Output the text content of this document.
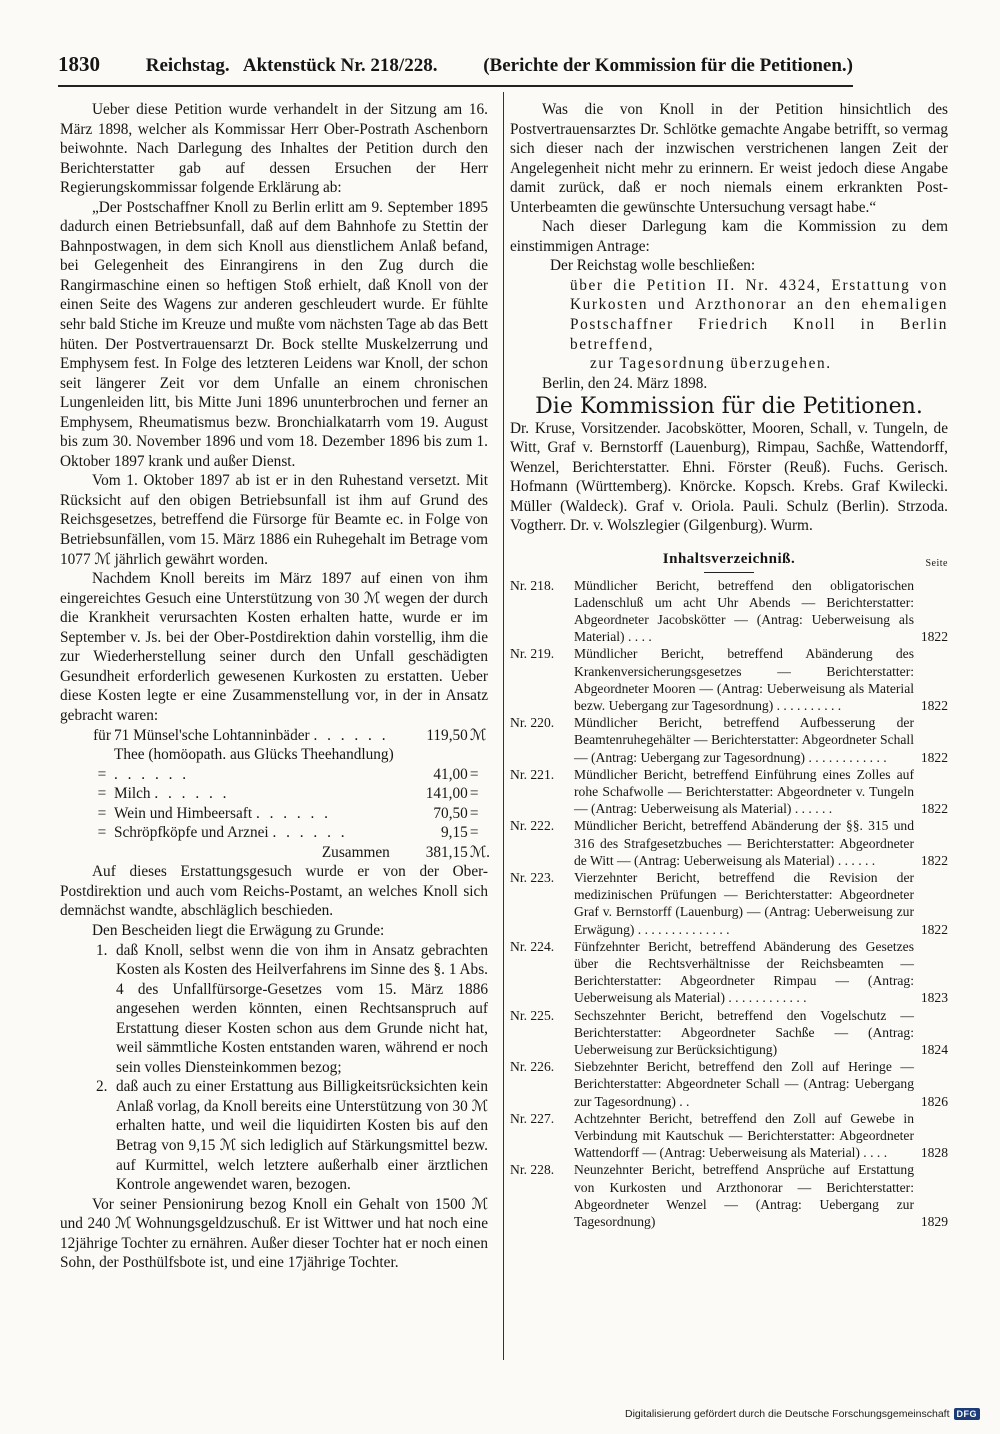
1830 Reichstag.   Aktenstück Nr. 218/228. (Berichte der Kommission für die Petitionen.)

Ueber diese Petition wurde verhandelt in der Sitzung am 16. März 1898, welcher als Kommissar Herr Ober-Postrath Aschenborn beiwohnte. Nach Darlegung des Inhaltes der Petition durch den Berichterstatter gab auf dessen Ersuchen der Herr Regierungskommissar folgende Erklärung ab:

„Der Postschaffner Knoll zu Berlin erlitt am 9. September 1895 dadurch einen Betriebsunfall, daß auf dem Bahnhofe zu Stettin der Bahnpostwagen, in dem sich Knoll aus dienstlichem Anlaß befand, bei Gelegenheit des Einrangirens in den Zug durch die Rangirmaschine einen so heftigen Stoß erhielt, daß Knoll von der einen Seite des Wagens zur anderen geschleudert wurde. Er fühlte sehr bald Stiche im Kreuze und mußte vom nächsten Tage ab das Bett hüten. Der Postvertrauensarzt Dr. Bock stellte Muskelzerrung und Emphysem fest. In Folge des letzteren Leidens war Knoll, der schon seit längerer Zeit vor dem Unfalle an einem chronischen Lungenleiden litt, bis Mitte Juni 1896 ununterbrochen und ferner an Emphysem, Rheumatismus bezw. Bronchialkatarrh vom 19. August bis zum 30. November 1896 und vom 18. Dezember 1896 bis zum 1. Oktober 1897 krank und außer Dienst.

Vom 1. Oktober 1897 ab ist er in den Ruhestand versetzt. Mit Rücksicht auf den obigen Betriebsunfall ist ihm auf Grund des Reichsgesetzes, betreffend die Fürsorge für Beamte ec. in Folge von Betriebsunfällen, vom 15. März 1886 ein Ruhegehalt im Betrage vom 1077 ℳ jährlich gewährt worden.

Nachdem Knoll bereits im März 1897 auf einen von ihm eingereichtes Gesuch eine Unterstützung von 30 ℳ wegen der durch die Krankheit verursachten Kosten erhalten hatte, wurde er im September v. Js. bei der Ober-Postdirektion dahin vorstellig, ihm die zur Wiederherstellung seiner durch den Unfall geschädigten Gesundheit erforderlich gewesenen Kurkosten zu erstatten. Ueber diese Kosten legte er eine Zusammenstellung vor, in der in Ansatz gebracht waren:

für	71 Münsel'sche Lohtanninbäder . . . . . .	119,50	ℳ
=	Thee (homöopath. aus Glücks Theehandlung) . . . . . .	41,00	=
=	Milch . . . . . .	141,00	=
=	Wein und Himbeersaft . . . . . .	70,50	=
=	Schröpfköpfe und Arznei . . . . . .	9,15	=
Zusammen		381,15	ℳ.

Auf dieses Erstattungsgesuch wurde er von der Ober-Postdirektion und auch vom Reichs-Postamt, an welches Knoll sich demnächst wandte, abschläglich beschieden.

Den Bescheiden liegt die Erwägung zu Grunde:

1. daß Knoll, selbst wenn die von ihm in Ansatz gebrachten Kosten als Kosten des Heilverfahrens im Sinne des §. 1 Abs. 4 des Unfallfürsorge-Gesetzes vom 15. März 1886 angesehen werden könnten, einen Rechtsanspruch auf Erstattung dieser Kosten schon aus dem Grunde nicht hat, weil sämmtliche Kosten entstanden waren, während er noch sein volles Diensteinkommen bezog;
2. daß auch zu einer Erstattung aus Billigkeitsrücksichten kein Anlaß vorlag, da Knoll bereits eine Unterstützung von 30 ℳ erhalten hatte, und weil die liquidirten Kosten bis auf den Betrag von 9,15 ℳ sich lediglich auf Stärkungsmittel bezw. auf Kurmittel, welch letztere außerhalb einer ärztlichen Kontrole angewendet waren, bezogen.

Vor seiner Pensionirung bezog Knoll ein Gehalt von 1500 ℳ und 240 ℳ Wohnungsgeldzuschuß. Er ist Wittwer und hat noch eine 12jährige Tochter zu ernähren. Außer dieser Tochter hat er noch einen Sohn, der Posthülfsbote ist, und eine 17jährige Tochter.

Was die von Knoll in der Petition hinsichtlich des Postvertrauensarztes Dr. Schlötke gemachte Angabe betrifft, so vermag sich dieser nach der inzwischen verstrichenen langen Zeit der Angelegenheit nicht mehr zu erinnern. Er weist jedoch diese Angabe damit zurück, daß er noch niemals einem erkrankten Post-Unterbeamten die gewünschte Untersuchung versagt habe.“

Nach dieser Darlegung kam die Kommission zu dem einstimmigen Antrage:

Der Reichstag wolle beschließen:

über die Petition II. Nr. 4324, Erstattung von Kurkosten und Arzthonorar an den ehemaligen Postschaffner Friedrich Knoll in Berlin betreffend,

zur Tagesordnung überzugehen.

Berlin, den 24. März 1898.

Die Kommission für die Petitionen.

Dr. Kruse, Vorsitzender. Jacobskötter, Mooren, Schall, v. Tungeln, de Witt, Graf v. Bernstorff (Lauenburg), Rimpau, Sachße, Wattendorff, Wenzel, Berichterstatter. Ehni. Förster (Reuß). Fuchs. Gerisch. Hofmann (Württemberg). Knörcke. Kopsch. Krebs. Graf Kwilecki. Müller (Waldeck). Graf v. Oriola. Pauli. Schulz (Berlin). Strzoda. Vogtherr. Dr. v. Wolszlegier (Gilgenburg). Wurm.

Inhaltsverzeichniß.	Seite
Nr. 218.	Mündlicher Bericht, betreffend den obligatorischen Ladenschluß um acht Uhr Abends — Berichterstatter: Abgeordneter Jacobskötter — (Antrag: Ueberweisung als Material) . . . .	1822
Nr. 219.	Mündlicher Bericht, betreffend Abänderung des Krankenversicherungsgesetzes — Berichterstatter: Abgeordneter Mooren — (Antrag: Ueberweisung als Material bezw. Uebergang zur Tagesordnung) . . . . . . . . . .	1822
Nr. 220.	Mündlicher Bericht, betreffend Aufbesserung der Beamtenruhegehälter — Berichterstatter: Abgeordneter Schall — (Antrag: Uebergang zur Tagesordnung) . . . . . . . . . . . .	1822
Nr. 221.	Mündlicher Bericht, betreffend Einführung eines Zolles auf rohe Schafwolle — Berichterstatter: Abgeordneter v. Tungeln — (Antrag: Ueberweisung als Material) . . . . . .	1822
Nr. 222.	Mündlicher Bericht, betreffend Abänderung der §§. 315 und 316 des Strafgesetzbuches — Berichterstatter: Abgeordneter de Witt — (Antrag: Ueberweisung als Material) . . . . . .	1822
Nr. 223.	Vierzehnter Bericht, betreffend die Revision der medizinischen Prüfungen — Berichterstatter: Abgeordneter Graf v. Bernstorff (Lauenburg) — (Antrag: Ueberweisung zur Erwägung) . . . . . . . . . . . . . .	1822
Nr. 224.	Fünfzehnter Bericht, betreffend Abänderung des Gesetzes über die Rechtsverhältnisse der Reichsbeamten — Berichterstatter: Abgeordneter Rimpau — (Antrag: Ueberweisung als Material) . . . . . . . . . . . .	1823
Nr. 225.	Sechszehnter Bericht, betreffend den Vogelschutz — Berichterstatter: Abgeordneter Sachße — (Antrag: Ueberweisung zur Berücksichtigung)	1824
Nr. 226.	Siebzehnter Bericht, betreffend den Zoll auf Heringe — Berichterstatter: Abgeordneter Schall — (Antrag: Uebergang zur Tagesordnung) . .	1826
Nr. 227.	Achtzehnter Bericht, betreffend den Zoll auf Gewebe in Verbindung mit Kautschuk — Berichterstatter: Abgeordneter Wattendorff — (Antrag: Ueberweisung als Material) . . . .	1828
Nr. 228.	Neunzehnter Bericht, betreffend Ansprüche auf Erstattung von Kurkosten und Arzthonorar — Berichterstatter: Abgeordneter Wenzel — (Antrag: Uebergang zur Tagesordnung)	1829
Digitalisierung gefördert durch die Deutsche Forschungsgemeinschaft DFG
